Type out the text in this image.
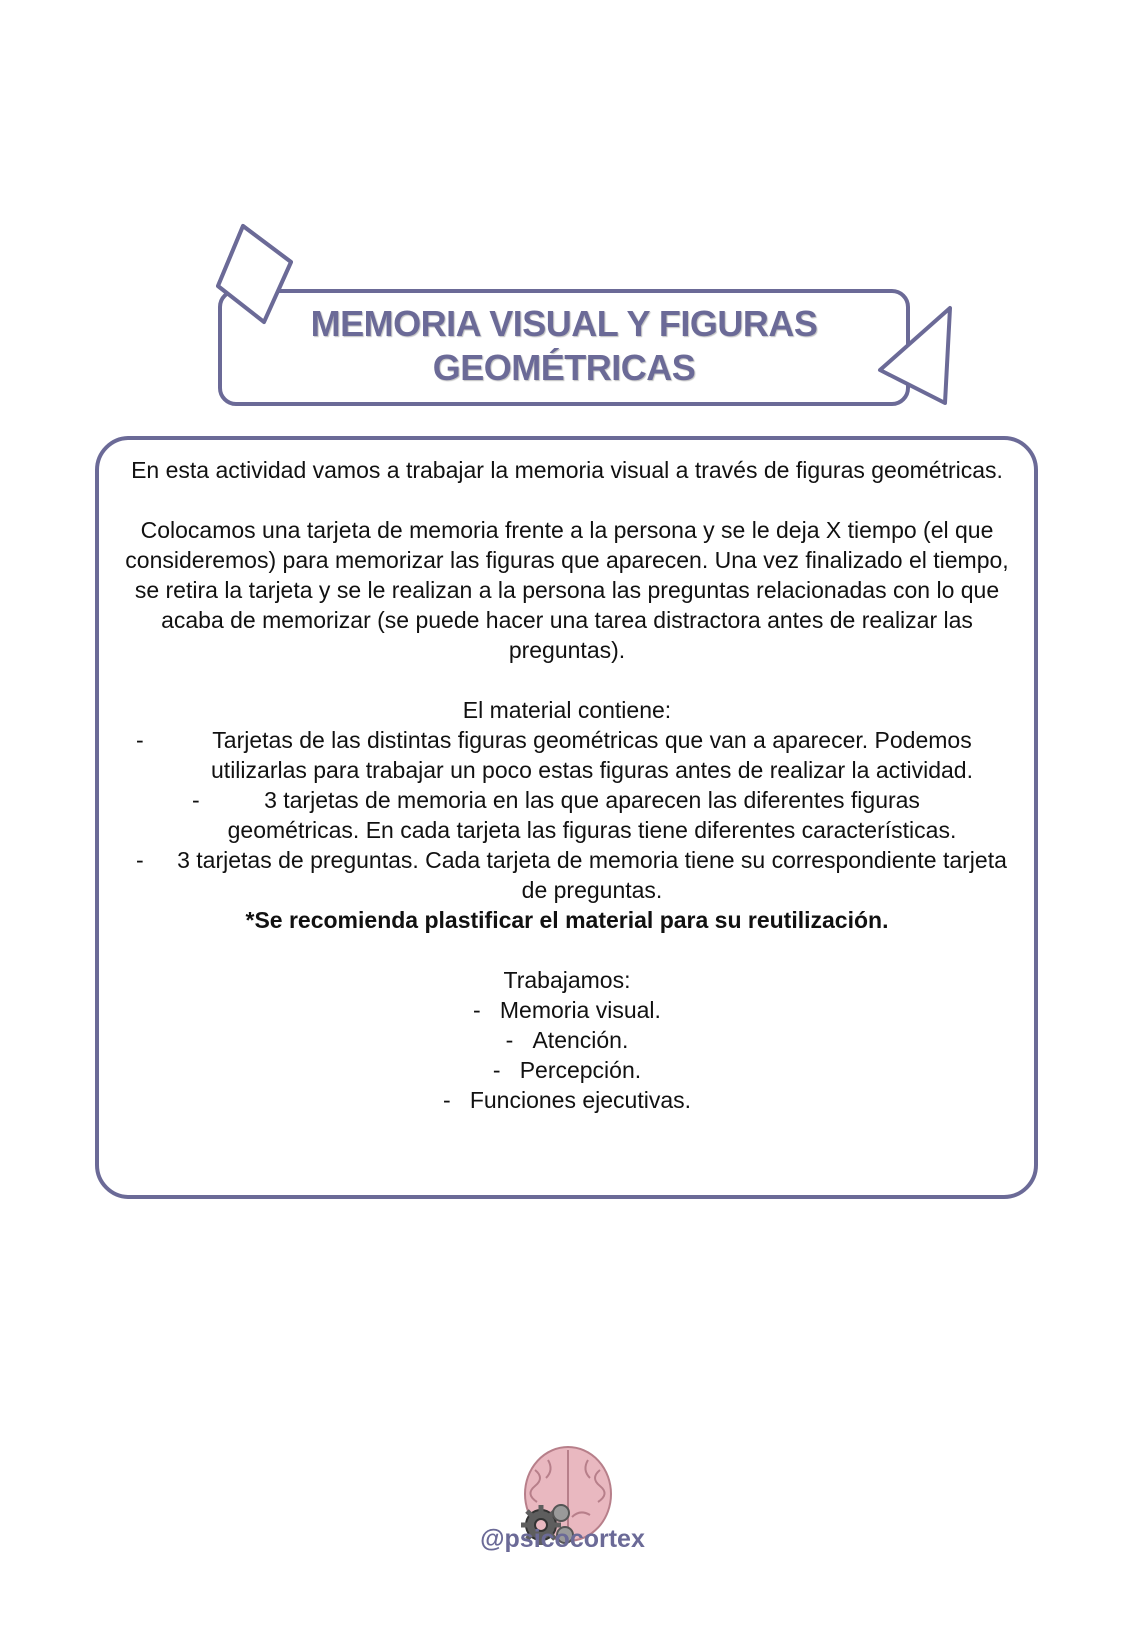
MEMORIA VISUAL Y FIGURAS
GEOMÉTRICAS

En esta actividad vamos a trabajar la memoria visual a través de figuras geométricas.

Colocamos una tarjeta de memoria frente a la persona y se le deja X tiempo (el que consideremos) para memorizar las figuras que aparecen. Una vez finalizado el tiempo, se retira la tarjeta y se le realizan a la persona las preguntas relacionadas con lo que acaba de memorizar (se puede hacer una tarea distractora antes de realizar las preguntas).

El material contiene:

-	Tarjetas de las distintas figuras geométricas que van a aparecer. Podemos utilizarlas para trabajar un poco estas figuras antes de realizar la actividad.
-	3 tarjetas de memoria en las que aparecen las diferentes figuras geométricas. En cada tarjeta las figuras tiene diferentes características.
- 3 tarjetas de preguntas. Cada tarjeta de memoria tiene su correspondiente tarjeta de preguntas.

*Se recomienda plastificar el material para su reutilización.

Trabajamos:

-   Memoria visual.
-   Atención.
-   Percepción.
-   Funciones ejecutivas.

@psicocortex
